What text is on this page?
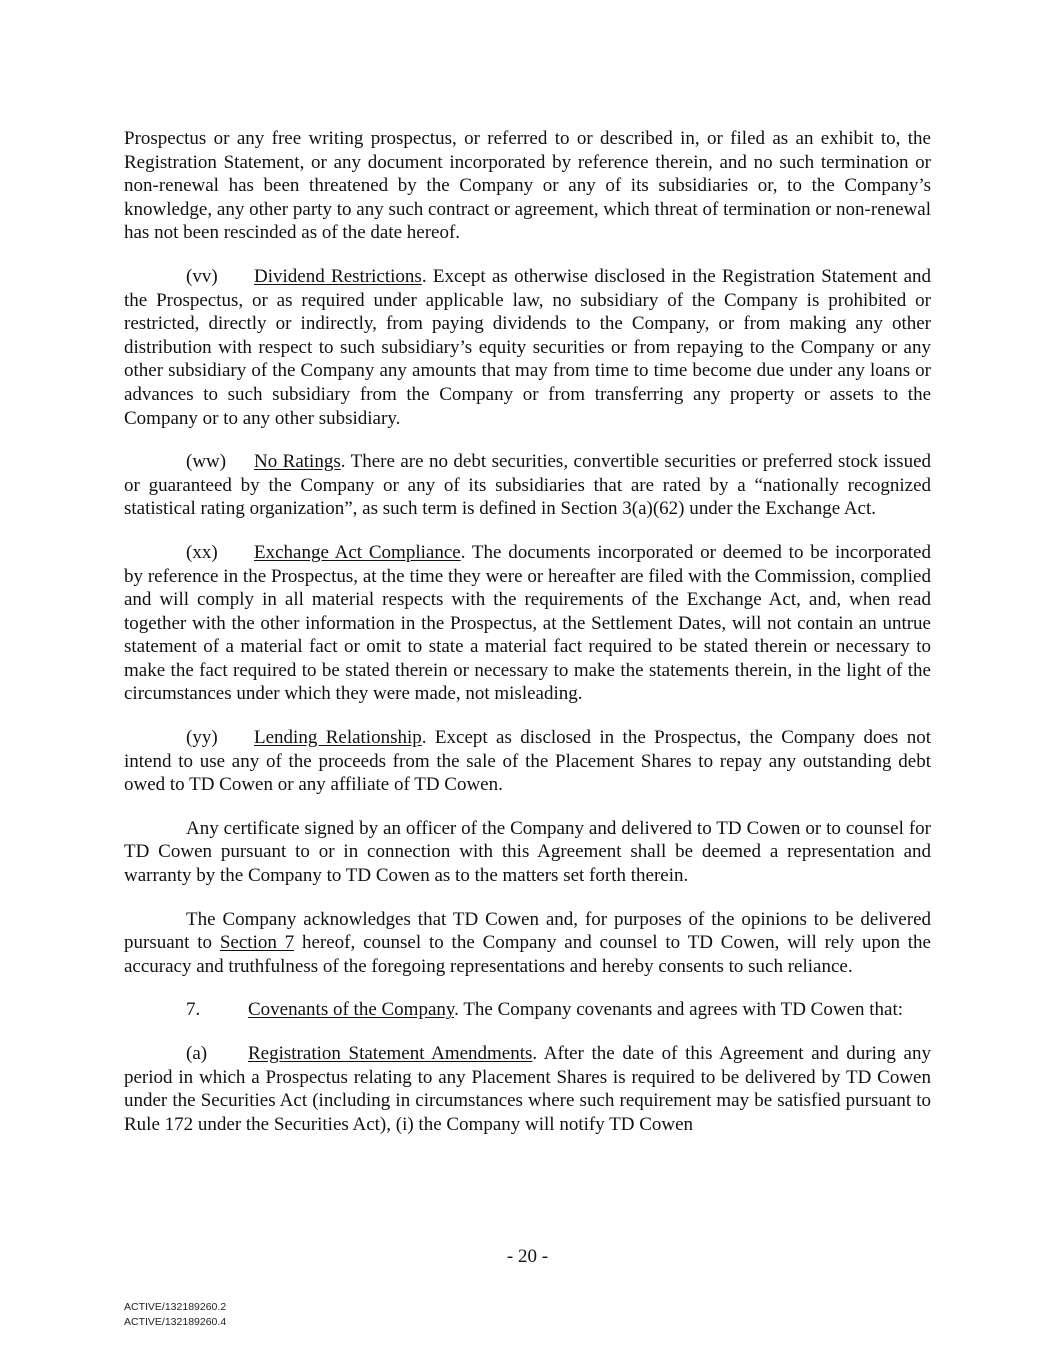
Prospectus or any free writing prospectus, or referred to or described in, or filed as an exhibit to, the Registration Statement, or any document incorporated by reference therein, and no such termination or non-renewal has been threatened by the Company or any of its subsidiaries or, to the Company’s knowledge, any other party to any such contract or agreement, which threat of termination or non-renewal has not been rescinded as of the date hereof.

(vv) Dividend Restrictions. Except as otherwise disclosed in the Registration Statement and the Prospectus, or as required under applicable law, no subsidiary of the Company is prohibited or restricted, directly or indirectly, from paying dividends to the Company, or from making any other distribution with respect to such subsidiary’s equity securities or from repaying to the Company or any other subsidiary of the Company any amounts that may from time to time become due under any loans or advances to such subsidiary from the Company or from transferring any property or assets to the Company or to any other subsidiary.

(ww) No Ratings. There are no debt securities, convertible securities or preferred stock issued or guaranteed by the Company or any of its subsidiaries that are rated by a “nationally recognized statistical rating organization”, as such term is defined in Section 3(a)(62) under the Exchange Act.

(xx) Exchange Act Compliance. The documents incorporated or deemed to be incorporated by reference in the Prospectus, at the time they were or hereafter are filed with the Commission, complied and will comply in all material respects with the requirements of the Exchange Act, and, when read together with the other information in the Prospectus, at the Settlement Dates, will not contain an untrue statement of a material fact or omit to state a material fact required to be stated therein or necessary to make the fact required to be stated therein or necessary to make the statements therein, in the light of the circumstances under which they were made, not misleading.

(yy) Lending Relationship. Except as disclosed in the Prospectus, the Company does not intend to use any of the proceeds from the sale of the Placement Shares to repay any outstanding debt owed to TD Cowen or any affiliate of TD Cowen.

Any certificate signed by an officer of the Company and delivered to TD Cowen or to counsel for TD Cowen pursuant to or in connection with this Agreement shall be deemed a representation and warranty by the Company to TD Cowen as to the matters set forth therein.

The Company acknowledges that TD Cowen and, for purposes of the opinions to be delivered pursuant to Section 7 hereof, counsel to the Company and counsel to TD Cowen, will rely upon the accuracy and truthfulness of the foregoing representations and hereby consents to such reliance.

7.	Covenants of the Company. The Company covenants and agrees with TD Cowen that:

(a) Registration Statement Amendments. After the date of this Agreement and during any period in which a Prospectus relating to any Placement Shares is required to be delivered by TD Cowen under the Securities Act (including in circumstances where such requirement may be satisfied pursuant to Rule 172 under the Securities Act), (i) the Company will notify TD Cowen

- 20 -
ACTIVE/132189260.2
ACTIVE/132189260.4
